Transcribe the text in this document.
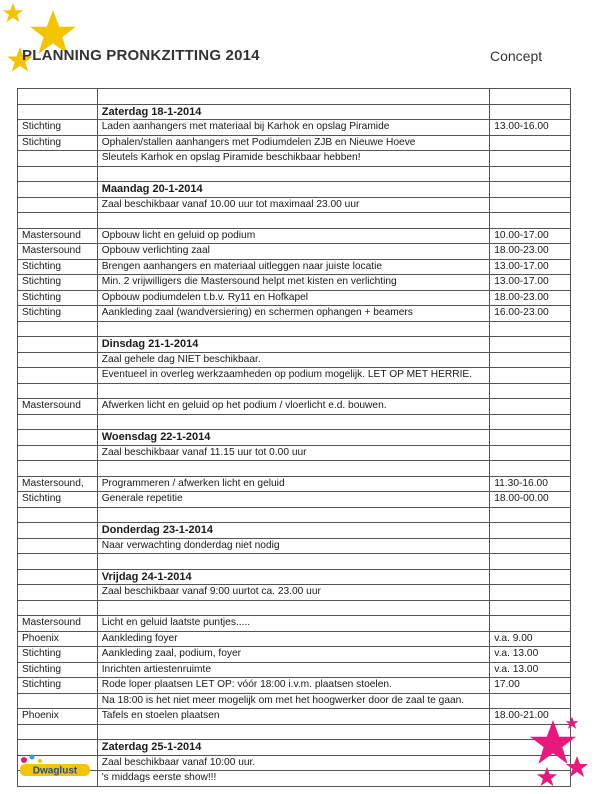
PLANNING PRONKZITTING 2014	Concept

	Zaterdag 18-1-2014	
Stichting	Laden aanhangers met materiaal bij Karhok en opslag Piramide	13.00-16.00
Stichting	Ophalen/stallen aanhangers met Podiumdelen ZJB en Nieuwe Hoeve	
	Sleutels Karhok en opslag Piramide beschikbaar hebben!	

	Maandag 20-1-2014	
	Zaal beschikbaar vanaf 10.00 uur tot maximaal 23.00 uur	

Mastersound	Opbouw licht en geluid op podium	10.00-17.00
Mastersound	Opbouw verlichting zaal	18.00-23.00
Stichting	Brengen aanhangers en materiaal uitleggen naar juiste locatie	13.00-17.00
Stichting	Min. 2 vrijwilligers die Mastersound helpt met kisten en verlichting	13.00-17.00
Stichting	Opbouw podiumdelen t.b.v. Ry11 en Hofkapel	18.00-23.00
Stichting	Aankleding zaal (wandversiering) en schermen ophangen + beamers	16.00-23.00

	Dinsdag 21-1-2014	
	Zaal gehele dag NIET beschikbaar.	
	Eventueel in overleg werkzaamheden op podium mogelijk. LET OP MET HERRIE.	

Mastersound	Afwerken licht en geluid op het podium / vloerlicht e.d. bouwen.	

	Woensdag 22-1-2014	
	Zaal beschikbaar vanaf 11.15 uur tot 0.00 uur	

Mastersound,	Programmeren / afwerken licht en geluid	11.30-16.00
Stichting	Generale repetitie	18.00-00.00

	Donderdag 23-1-2014	
	Naar verwachting donderdag niet nodig	

	Vrijdag 24-1-2014	
	Zaal beschikbaar vanaf 9:00 uurtot ca. 23.00 uur	

Mastersound	Licht en geluid laatste puntjes.....	
Phoenix	Aankleding foyer	v.a. 9.00
Stichting	Aankleding zaal, podium, foyer	v.a. 13.00
Stichting	Inrichten artiestenruimte	v.a. 13.00
Stichting	Rode loper plaatsen LET OP: vóór 18:00 i.v.m. plaatsen stoelen.	17.00
	Na 18:00 is het niet meer mogelijk om met het hoogwerker door de zaal te gaan.	
Phoenix	Tafels en stoelen plaatsen	18.00-21.00

	Zaterdag 25-1-2014	
	Zaal beschikbaar vanaf 10:00 uur.	
	's middags eerste show!!!	
Dwaglust
